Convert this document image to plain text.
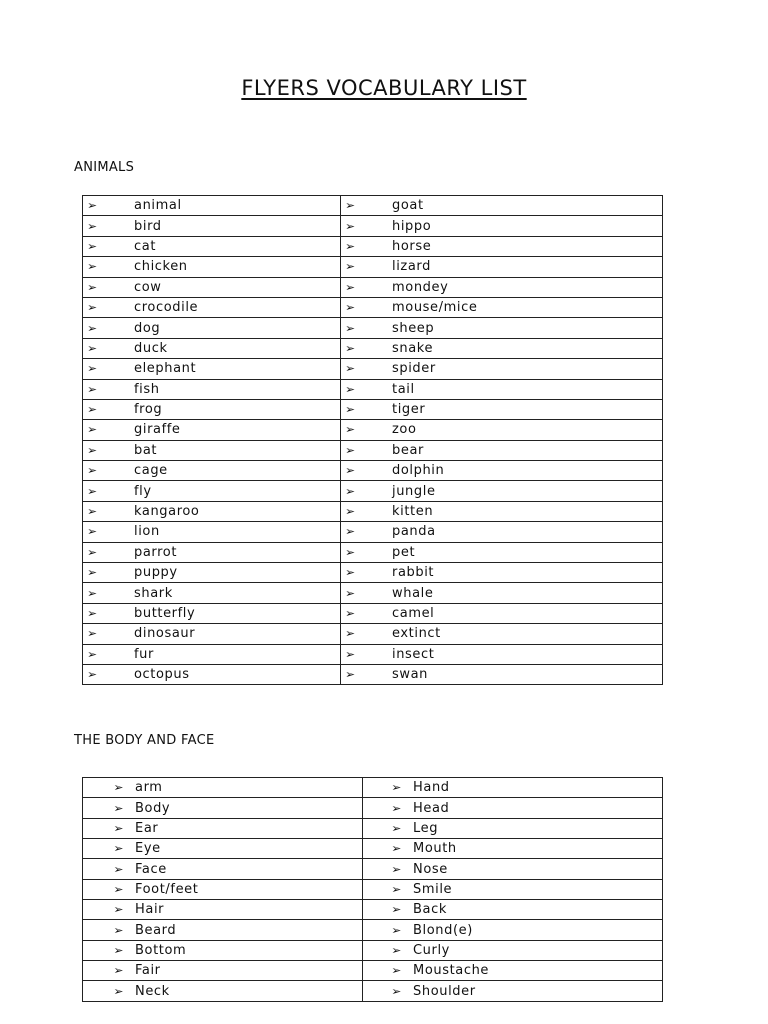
FLYERS VOCABULARY LIST
ANIMALS
➢ animal	➢ goat

➢ bird	➢ hippo

➢ cat	➢ horse

➢ chicken	➢ lizard

➢ cow	➢ mondey

➢ crocodile	➢ mouse/mice

➢ dog	➢ sheep

➢ duck	➢ snake

➢ elephant	➢ spider

➢ fish	➢ tail

➢ frog	➢ tiger

➢ giraffe	➢ zoo

➢ bat	➢ bear

➢ cage	➢ dolphin

➢ fly	➢ jungle

➢ kangaroo	➢ kitten

➢ lion	➢ panda

➢ parrot	➢ pet

➢ puppy	➢ rabbit

➢ shark	➢ whale

➢ butterfly	➢ camel

➢ dinosaur	➢ extinct

➢ fur	➢ insect

➢ octopus	➢ swan
THE BODY AND FACE
➢ arm	➢ Hand

➢ Body	➢ Head

➢ Ear	➢ Leg

➢ Eye	➢ Mouth

➢ Face	➢ Nose

➢ Foot/feet	➢ Smile

➢ Hair	➢ Back

➢ Beard	➢ Blond(e)

➢ Bottom	➢ Curly

➢ Fair	➢ Moustache

➢ Neck	➢ Shoulder
